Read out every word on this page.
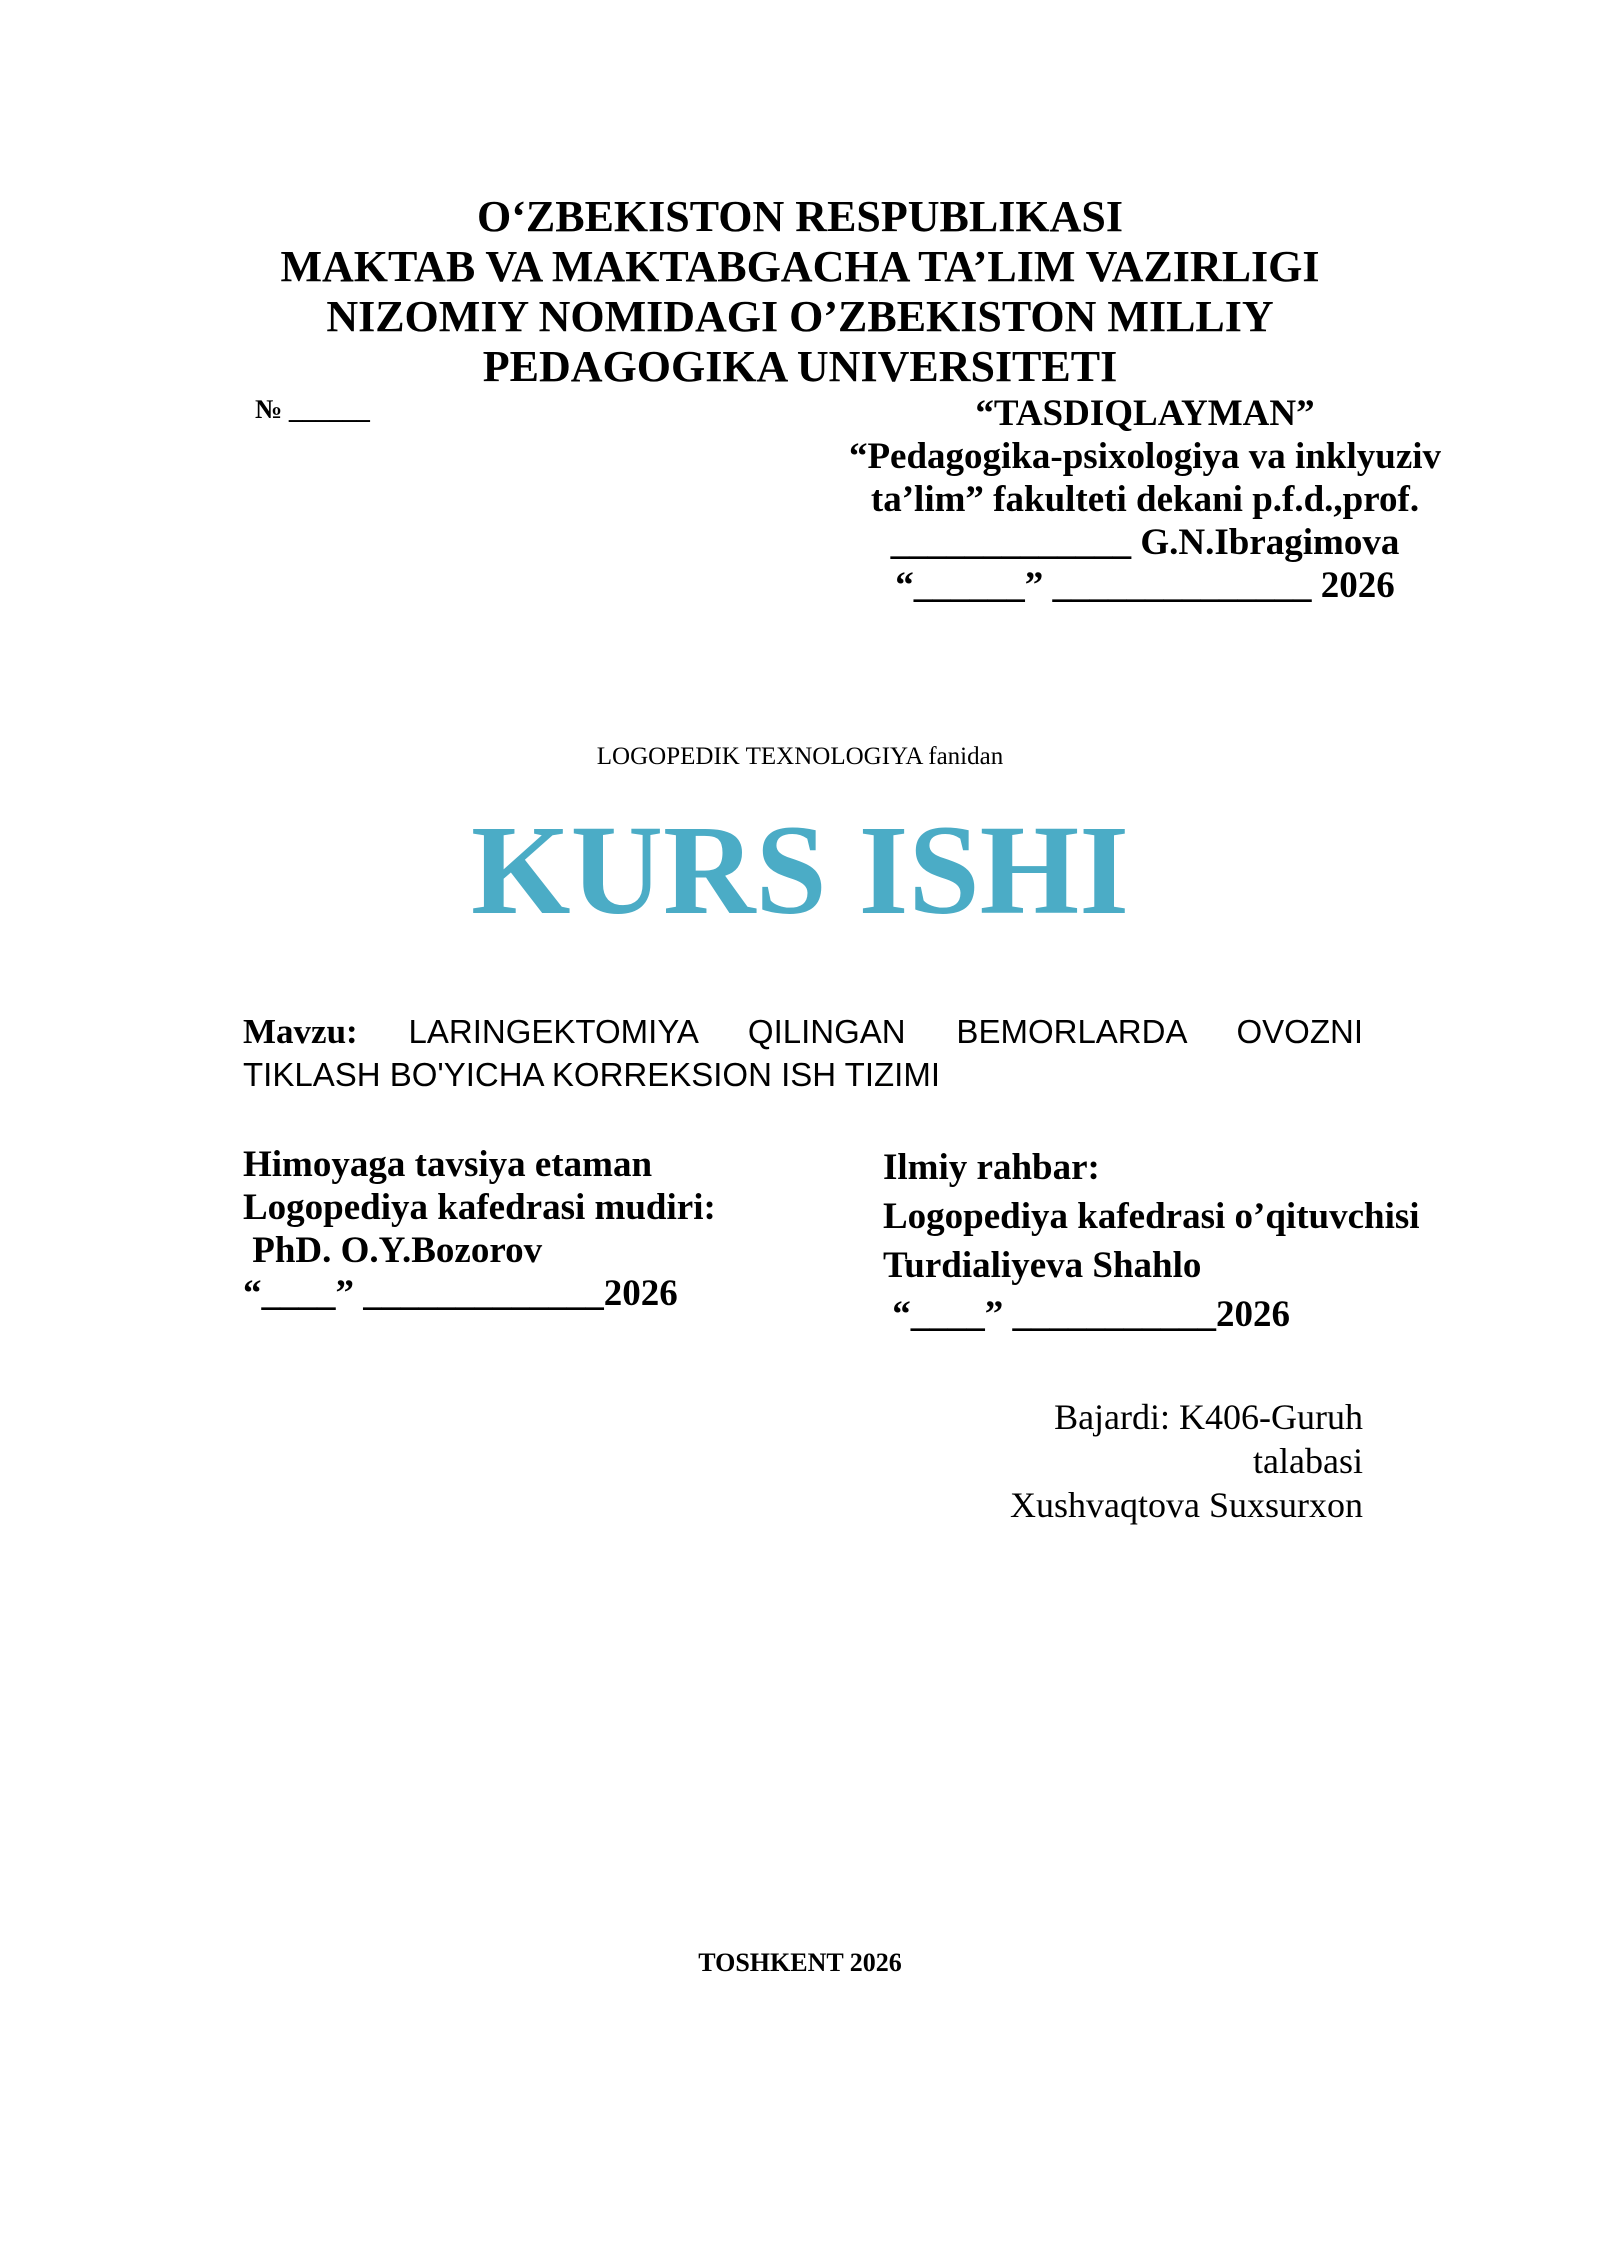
O‘ZBEKISTON RESPUBLIKASI
MAKTAB VA MAKTABGACHA TA’LIM VAZIRLIGI
NIZOMIY NOMIDAGI O’ZBEKISTON MILLIY
PEDAGOGIKA UNIVERSITETI
№ ______	“TASDIQLAYMAN”
“Pedagogika-psixologiya va inklyuziv
ta’lim” fakulteti dekani p.f.d.,prof.
_____________ G.N.Ibragimova
“______” ______________ 2026
LOGOPEDIK TEXNOLOGIYA fanidan
KURS ISHI
Mavzu: LARINGEKTOMIYA QILINGAN BEMORLARDA OVOZNI
TIKLASH BO'YICHA KORREKSION ISH TIZIMI
Himoyaga tavsiya etaman
Logopediya kafedrasi mudiri:
PhD. O.Y.Bozorov
“____” _____________2026
Ilmiy rahbar:
Logopediya kafedrasi o’qituvchisi
Turdialiyeva Shahlo
“____” ___________2026
Bajardi: K406-Guruh
talabasi
Xushvaqtova Suxsurxon
TOSHKENT 2026
